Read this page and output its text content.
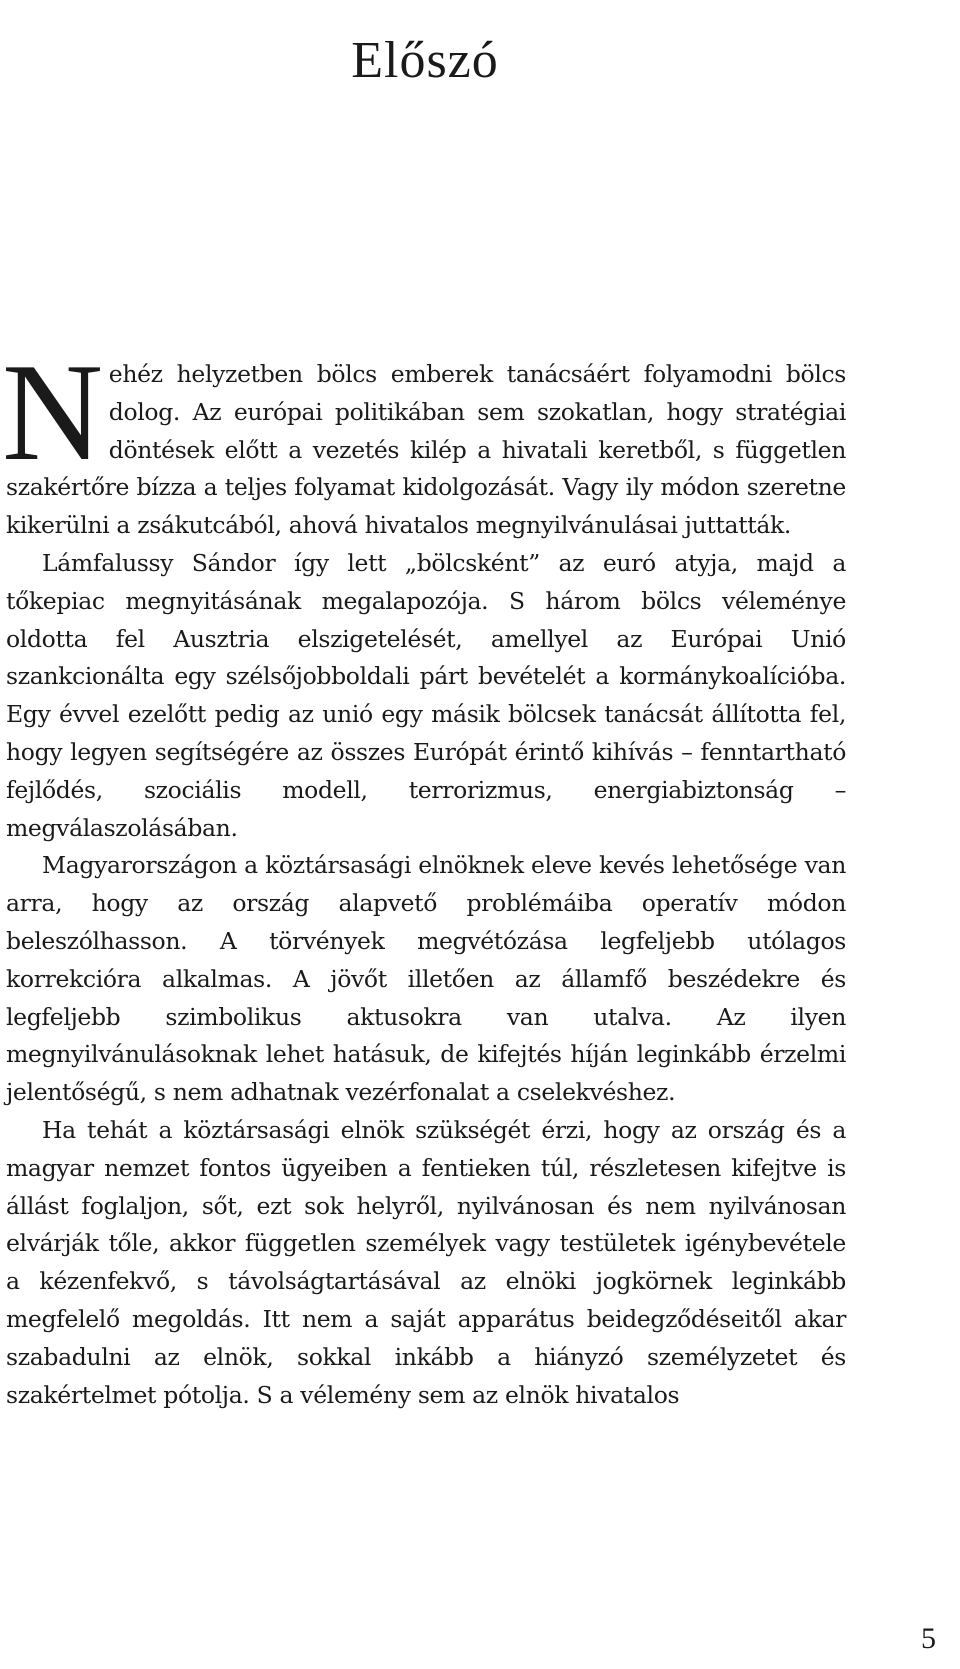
Előszó

Nehéz helyzetben bölcs emberek tanácsáért folyamodni bölcs dolog. Az európai politikában sem szokatlan, hogy stratégiai döntések előtt a vezetés kilép a hivatali keretből, s független szakértőre bízza a teljes folyamat kidolgozását. Vagy ily módon szeretne kikerülni a zsákutcából, ahová hivatalos megnyilvánulásai juttatták.

Lámfalussy Sándor így lett „bölcsként” az euró atyja, majd a tőkepiac megnyitásának megalapozója. S három bölcs véleménye oldotta fel Ausztria elszigetelését, amellyel az Európai Unió szankcionálta egy szélsőjobboldali párt bevételét a kormánykoalícióba. Egy évvel ezelőtt pedig az unió egy másik bölcsek tanácsát állította fel, hogy legyen segítségére az összes Európát érintő kihívás – fenntartható fejlődés, szociális modell, terrorizmus, energiabiztonság – megválaszolásában.

Magyarországon a köztársasági elnöknek eleve kevés lehetősége van arra, hogy az ország alapvető problémáiba operatív módon beleszólhasson. A törvények megvétózása legfeljebb utólagos korrekcióra alkalmas. A jövőt illetően az államfő beszédekre és legfeljebb szimbolikus aktusokra van utalva. Az ilyen megnyilvánulásoknak lehet hatásuk, de kifejtés híján leginkább érzelmi jelentőségű, s nem adhatnak vezérfonalat a cselekvéshez.

Ha tehát a köztársasági elnök szükségét érzi, hogy az ország és a magyar nemzet fontos ügyeiben a fentieken túl, részletesen kifejtve is állást foglaljon, sőt, ezt sok helyről, nyilvánosan és nem nyilvánosan elvárják tőle, akkor független személyek vagy testületek igénybevétele a kézenfekvő, s távolságtartásával az elnöki jogkörnek leginkább megfelelő megoldás. Itt nem a saját apparátus beidegződéseitől akar szabadulni az elnök, sokkal inkább a hiányzó személyzetet és szakértelmet pótolja. S a vélemény sem az elnök hivatalos

5
